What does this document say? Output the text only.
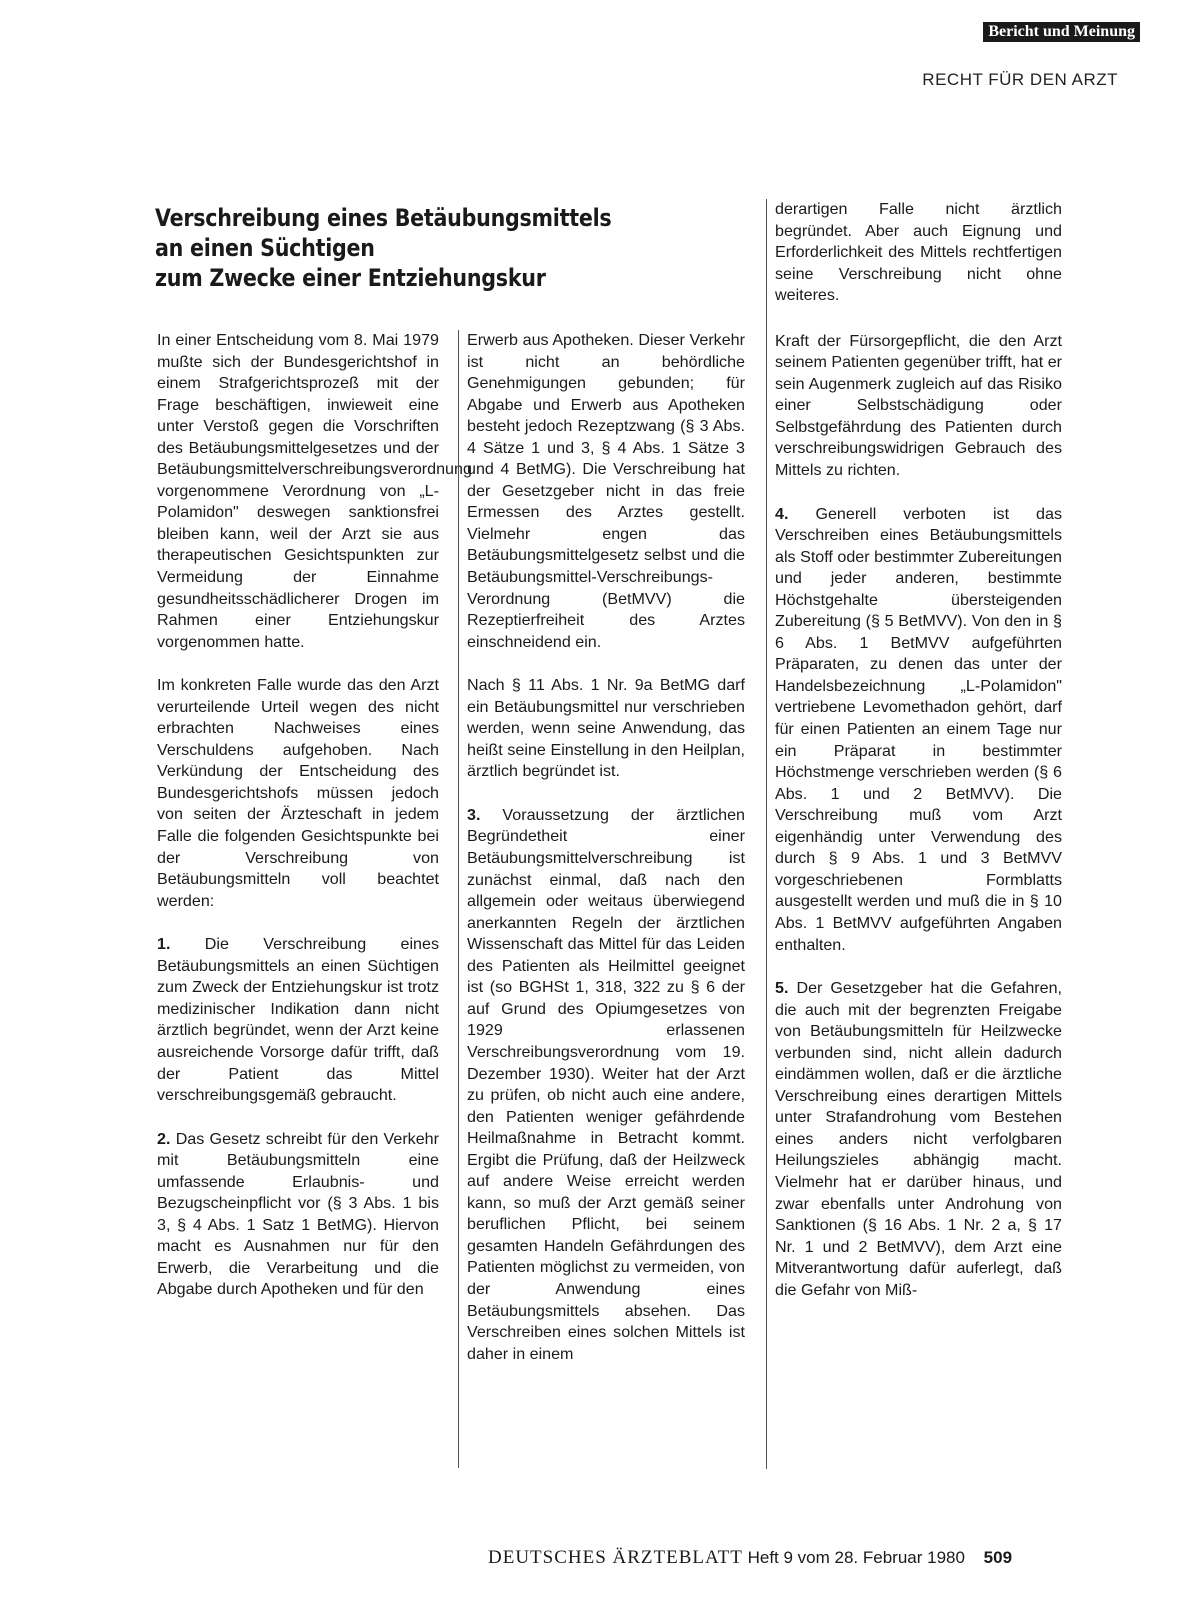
Bericht und Meinung
RECHT FÜR DEN ARZT
Verschreibung eines Betäubungsmittels
an einen Süchtigen
zum Zwecke einer Entziehungskur

In einer Entscheidung vom 8. Mai 1979 mußte sich der Bundesgerichtshof in einem Strafgerichtsprozeß mit der Frage beschäftigen, inwieweit eine unter Verstoß gegen die Vorschriften des Betäubungsmittelgesetzes und der Betäubungsmittelverschreibungsverordnung vorgenommene Verordnung von „L-Polamidon" deswegen sanktionsfrei bleiben kann, weil der Arzt sie aus therapeutischen Gesichtspunkten zur Vermeidung der Einnahme gesundheitsschädlicherer Drogen im Rahmen einer Entziehungskur vorgenommen hatte.

Im konkreten Falle wurde das den Arzt verurteilende Urteil wegen des nicht erbrachten Nachweises eines Verschuldens aufgehoben. Nach Verkündung der Entscheidung des Bundesgerichtshofs müssen jedoch von seiten der Ärzteschaft in jedem Falle die folgenden Gesichtspunkte bei der Verschreibung von Betäubungsmitteln voll beachtet werden:

1. Die Verschreibung eines Betäubungsmittels an einen Süchtigen zum Zweck der Entziehungskur ist trotz medizinischer Indikation dann nicht ärztlich begründet, wenn der Arzt keine ausreichende Vorsorge dafür trifft, daß der Patient das Mittel verschreibungsgemäß gebraucht.

2. Das Gesetz schreibt für den Verkehr mit Betäubungsmitteln eine umfassende Erlaubnis- und Bezugscheinpflicht vor (§ 3 Abs. 1 bis 3, § 4 Abs. 1 Satz 1 BetMG). Hiervon macht es Ausnahmen nur für den Erwerb, die Verarbeitung und die Abgabe durch Apotheken und für den

Erwerb aus Apotheken. Dieser Verkehr ist nicht an behördliche Genehmigungen gebunden; für Abgabe und Erwerb aus Apotheken besteht jedoch Rezeptzwang (§ 3 Abs. 4 Sätze 1 und 3, § 4 Abs. 1 Sätze 3 und 4 BetMG). Die Verschreibung hat der Gesetzgeber nicht in das freie Ermessen des Arztes gestellt. Vielmehr engen das Betäubungsmittelgesetz selbst und die Betäubungsmittel-Verschreibungs-Verordnung (BetMVV) die Rezeptierfreiheit des Arztes einschneidend ein.

Nach § 11 Abs. 1 Nr. 9a BetMG darf ein Betäubungsmittel nur verschrieben werden, wenn seine Anwendung, das heißt seine Einstellung in den Heilplan, ärztlich begründet ist.

3. Voraussetzung der ärztlichen Begründetheit einer Betäubungsmittelverschreibung ist zunächst einmal, daß nach den allgemein oder weitaus überwiegend anerkannten Regeln der ärztlichen Wissenschaft das Mittel für das Leiden des Patienten als Heilmittel geeignet ist (so BGHSt 1, 318, 322 zu § 6 der auf Grund des Opiumgesetzes von 1929 erlassenen Verschreibungsverordnung vom 19. Dezember 1930). Weiter hat der Arzt zu prüfen, ob nicht auch eine andere, den Patienten weniger gefährdende Heilmaßnahme in Betracht kommt. Ergibt die Prüfung, daß der Heilzweck auf andere Weise erreicht werden kann, so muß der Arzt gemäß seiner beruflichen Pflicht, bei seinem gesamten Handeln Gefährdungen des Patienten möglichst zu vermeiden, von der Anwendung eines Betäubungsmittels absehen. Das Verschreiben eines solchen Mittels ist daher in einem

derartigen Falle nicht ärztlich begründet. Aber auch Eignung und Erforderlichkeit des Mittels rechtfertigen seine Verschreibung nicht ohne weiteres.

Kraft der Fürsorgepflicht, die den Arzt seinem Patienten gegenüber trifft, hat er sein Augenmerk zugleich auf das Risiko einer Selbstschädigung oder Selbstgefährdung des Patienten durch verschreibungswidrigen Gebrauch des Mittels zu richten.

4. Generell verboten ist das Verschreiben eines Betäubungsmittels als Stoff oder bestimmter Zubereitungen und jeder anderen, bestimmte Höchstgehalte übersteigenden Zubereitung (§ 5 BetMVV). Von den in § 6 Abs. 1 BetMVV aufgeführten Präparaten, zu denen das unter der Handelsbezeichnung „L-Polamidon" vertriebene Levomethadon gehört, darf für einen Patienten an einem Tage nur ein Präparat in bestimmter Höchstmenge verschrieben werden (§ 6 Abs. 1 und 2 BetMVV). Die Verschreibung muß vom Arzt eigenhändig unter Verwendung des durch § 9 Abs. 1 und 3 BetMVV vorgeschriebenen Formblatts ausgestellt werden und muß die in § 10 Abs. 1 BetMVV aufgeführten Angaben enthalten.

5. Der Gesetzgeber hat die Gefahren, die auch mit der begrenzten Freigabe von Betäubungsmitteln für Heilzwecke verbunden sind, nicht allein dadurch eindämmen wollen, daß er die ärztliche Verschreibung eines derartigen Mittels unter Strafandrohung vom Bestehen eines anders nicht verfolgbaren Heilungszieles abhängig macht. Vielmehr hat er darüber hinaus, und zwar ebenfalls unter Androhung von Sanktionen (§ 16 Abs. 1 Nr. 2 a, § 17 Nr. 1 und 2 BetMVV), dem Arzt eine Mitverantwortung dafür auferlegt, daß die Gefahr von Miß-

DEUTSCHES ÄRZTEBLATT Heft 9 vom 28. Februar 1980 509
